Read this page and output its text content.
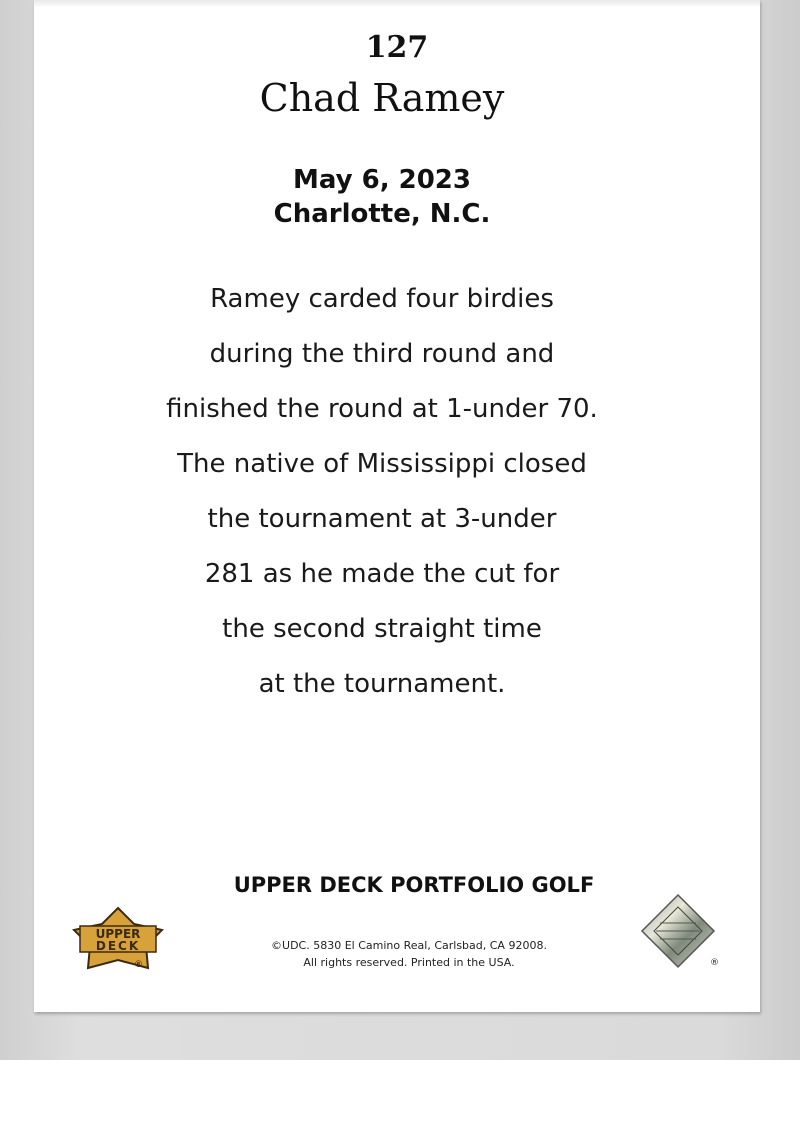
127
Chad Ramey
May 6, 2023
Charlotte, N.C.
Ramey carded four birdies
during the third round and
finished the round at 1-under 70.
The native of Mississippi closed
the tournament at 3-under
281 as he made the cut for
the second straight time
at the tournament.
UPPER DECK PORTFOLIO GOLF
UPPER
DECK
®
©UDC. 5830 El Camino Real, Carlsbad, CA 92008.
All rights reserved. Printed in the USA.	®
